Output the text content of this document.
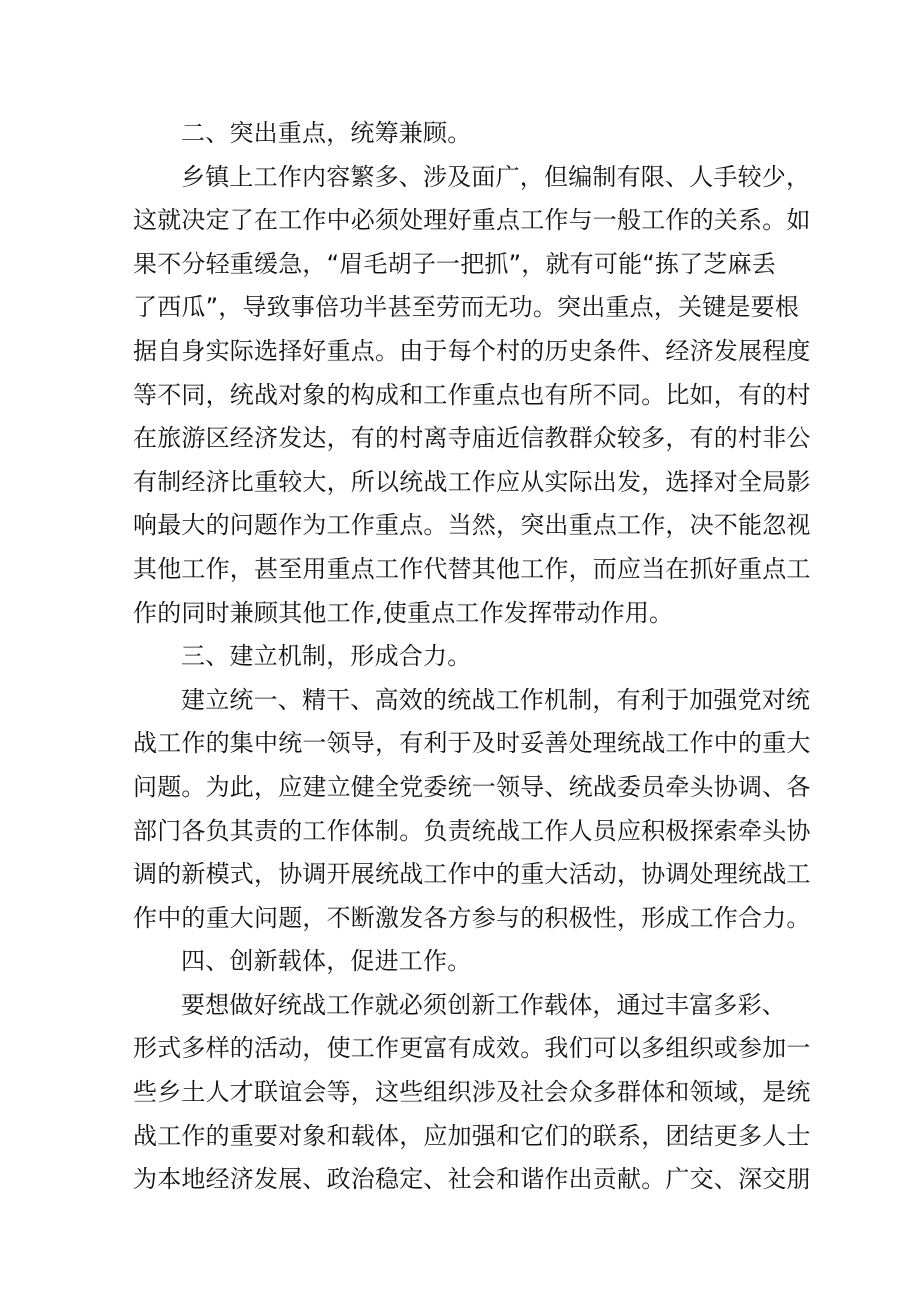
二、突出重点，统筹兼顾。
乡镇上工作内容繁多、涉及面广，但编制有限、人手较少，
这就决定了在工作中必须处理好重点工作与一般工作的关系。如
果不分轻重缓急，“眉毛胡子一把抓”，就有可能“拣了芝麻丢
了西瓜”，导致事倍功半甚至劳而无功。突出重点，关键是要根
据自身实际选择好重点。由于每个村的历史条件、经济发展程度
等不同，统战对象的构成和工作重点也有所不同。比如，有的村
在旅游区经济发达，有的村离寺庙近信教群众较多，有的村非公
有制经济比重较大，所以统战工作应从实际出发，选择对全局影
响最大的问题作为工作重点。当然，突出重点工作，决不能忽视
其他工作，甚至用重点工作代替其他工作，而应当在抓好重点工
作的同时兼顾其他工作,使重点工作发挥带动作用。
三、建立机制，形成合力。
建立统一、精干、高效的统战工作机制，有利于加强党对统
战工作的集中统一领导，有利于及时妥善处理统战工作中的重大
问题。为此，应建立健全党委统一领导、统战委员牵头协调、各
部门各负其责的工作体制。负责统战工作人员应积极探索牵头协
调的新模式，协调开展统战工作中的重大活动，协调处理统战工
作中的重大问题，不断激发各方参与的积极性，形成工作合力。
四、创新载体，促进工作。
要想做好统战工作就必须创新工作载体，通过丰富多彩、
形式多样的活动，使工作更富有成效。我们可以多组织或参加一
些乡土人才联谊会等，这些组织涉及社会众多群体和领域，是统
战工作的重要对象和载体，应加强和它们的联系，团结更多人士
为本地经济发展、政治稳定、社会和谐作出贡献。广交、深交朋
